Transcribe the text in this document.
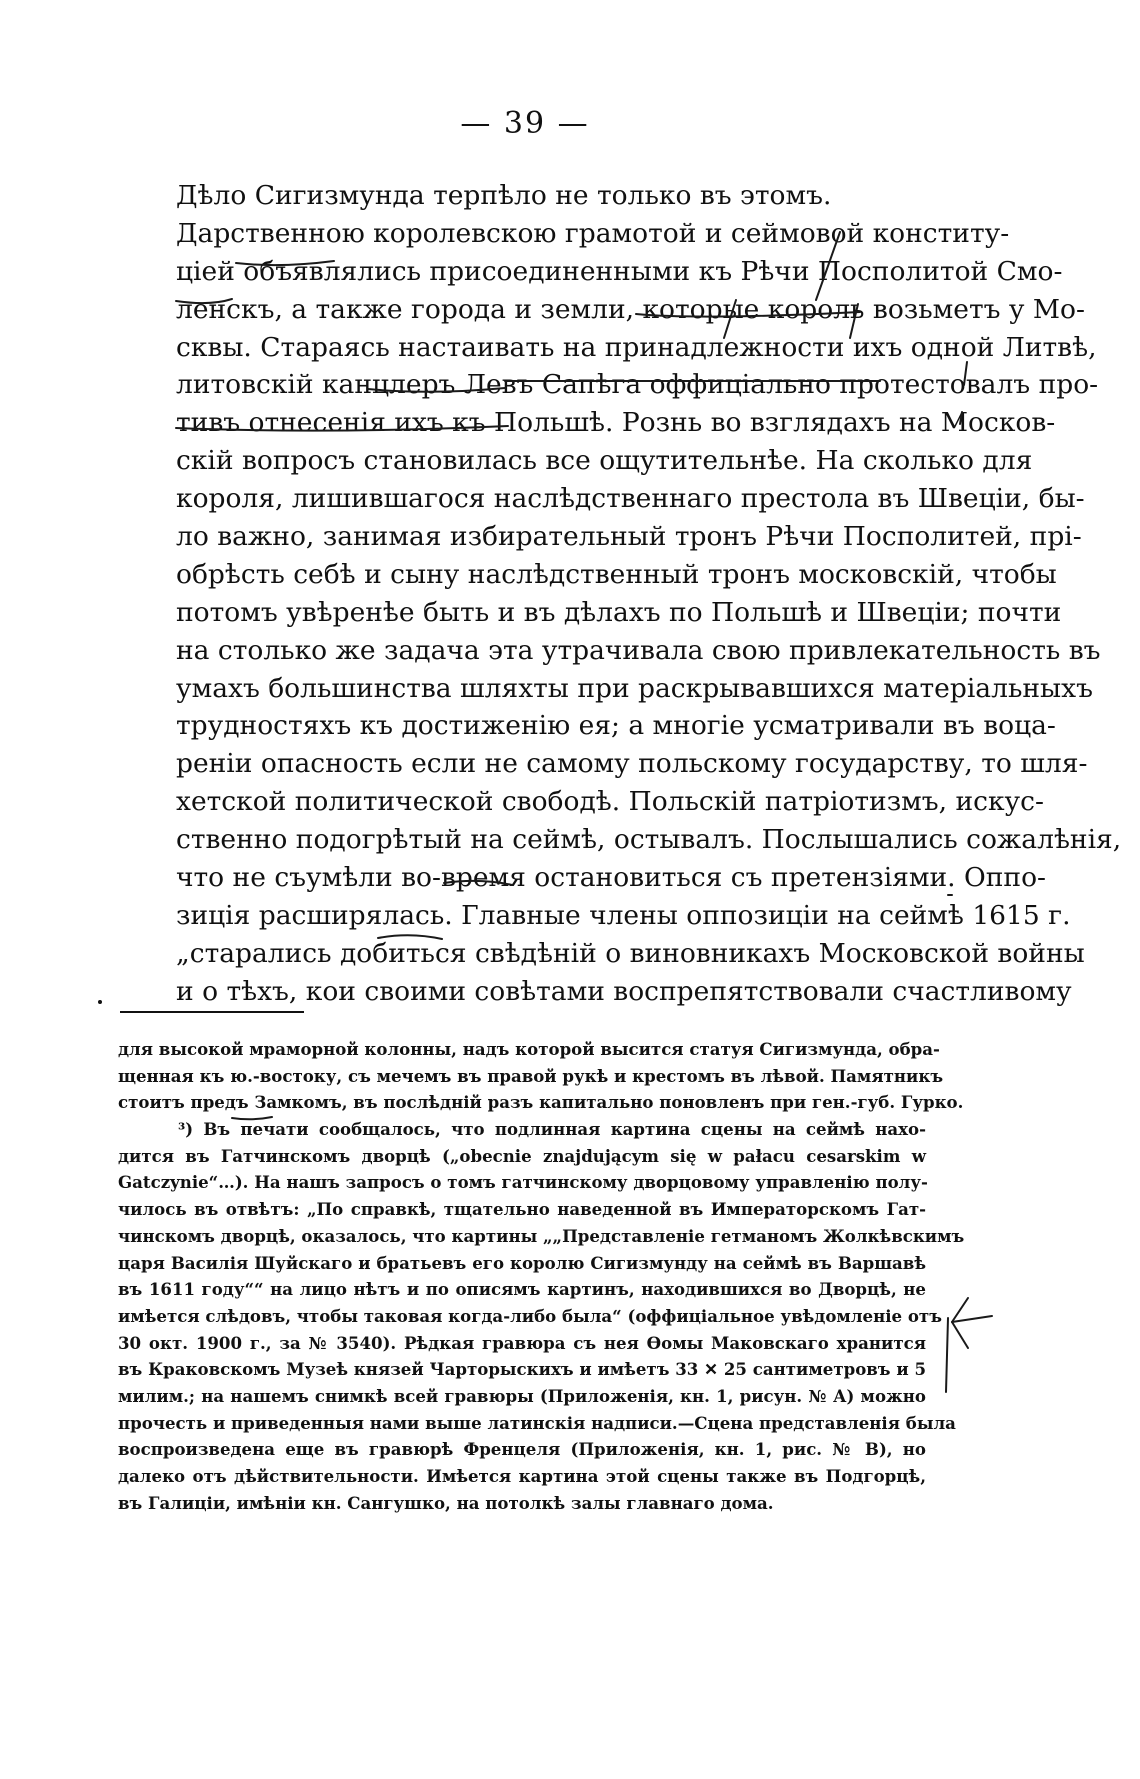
— 39 —
Дѣло Сигизмунда терпѣло не только въ этомъ.
Дарственною королевскою грамотой и сеймовой конститу-
ціей объявлялись присоединенными къ Рѣчи Посполитой Смо-
ленскъ, а также города и земли, которые король возьметъ у Мо-
сквы. Стараясь настаивать на принадлежности ихъ одной Литвѣ,
литовскій канцлеръ Левъ Сапѣга оффиціально протестовалъ про-
тивъ отнесенія ихъ къ Польшѣ. Рознь во взглядахъ на Москов-
скій вопросъ становилась все ощутительнѣе. На сколько для
короля, лишившагося наслѣдственнаго престола въ Швеціи, бы-
ло важно, занимая избирательный тронъ Рѣчи Посполитей, прі-
обрѣсть себѣ и сыну наслѣдственный тронъ московскій, чтобы
потомъ увѣренѣе быть и въ дѣлахъ по Польшѣ и Швеціи; почти
на столько же задача эта утрачивала свою привлекательность въ
умахъ большинства шляхты при раскрывавшихся матеріальныхъ
трудностяхъ къ достиженію ея; а многіе усматривали въ воца-
реніи опасность если не самому польскому государству, то шля-
хетской политической свободѣ. Польскій патріотизмъ, искус-
ственно подогрѣтый на сеймѣ, остывалъ. Послышались сожалѣнія,
что не съумѣли во-время остановиться съ претензіями. Оппо-
зиція расширялась. Главные члены оппозиціи на сеймѣ 1615 г.
„старались добиться свѣдѣній о виновникахъ Московской войны
и о тѣхъ, кои своими совѣтами воспрепятствовали счастливому
для высокой мраморной колонны, надъ которой высится статуя Сигизмунда, обра-
щенная къ ю.-востоку, съ мечемъ въ правой рукѣ и крестомъ въ лѣвой. Памятникъ
стоитъ предъ Замкомъ, въ послѣдній разъ капитально поновленъ при ген.-губ. Гурко.
³) Въ печати сообщалось, что подлинная картина сцены на сеймѣ нахо-
дится въ Гатчинскомъ дворцѣ („obecnie znajdującym się w pałacu cesarskim w
Gatczynie“…). На нашъ запросъ о томъ гатчинскому дворцовому управленію полу-
чилось въ отвѣтъ: „По справкѣ, тщательно наведенной въ Императорскомъ Гат-
чинскомъ дворцѣ, оказалось, что картины „„Представленіе гетманомъ Жолкѣвскимъ
царя Василія Шуйскаго и братьевъ его королю Сигизмунду на сеймѣ въ Варшавѣ
въ 1611 году““ на лицо нѣтъ и по описямъ картинъ, находившихся во Дворцѣ, не
имѣется слѣдовъ, чтобы таковая когда-либо была“ (оффиціальное увѣдомленіе отъ
30 окт. 1900 г., за № 3540). Рѣдкая гравюра съ нея Ѳомы Маковскаго хранится
въ Краковскомъ Музеѣ князей Чарторыскихъ и имѣетъ 33 ✕ 25 сантиметровъ и 5
милим.; на нашемъ снимкѣ всей гравюры (Приложенія, кн. 1, рисун. № А) можно
прочесть и приведенныя нами выше латинскія надписи.—Сцена представленія была
воспроизведена еще въ гравюрѣ Френцеля (Приложенія, кн. 1, рис. № В), но
далеко отъ дѣйствительности. Имѣется картина этой сцены также въ Подгорцѣ,
въ Галиціи, имѣніи кн. Сангушко, на потолкѣ залы главнаго дома.
